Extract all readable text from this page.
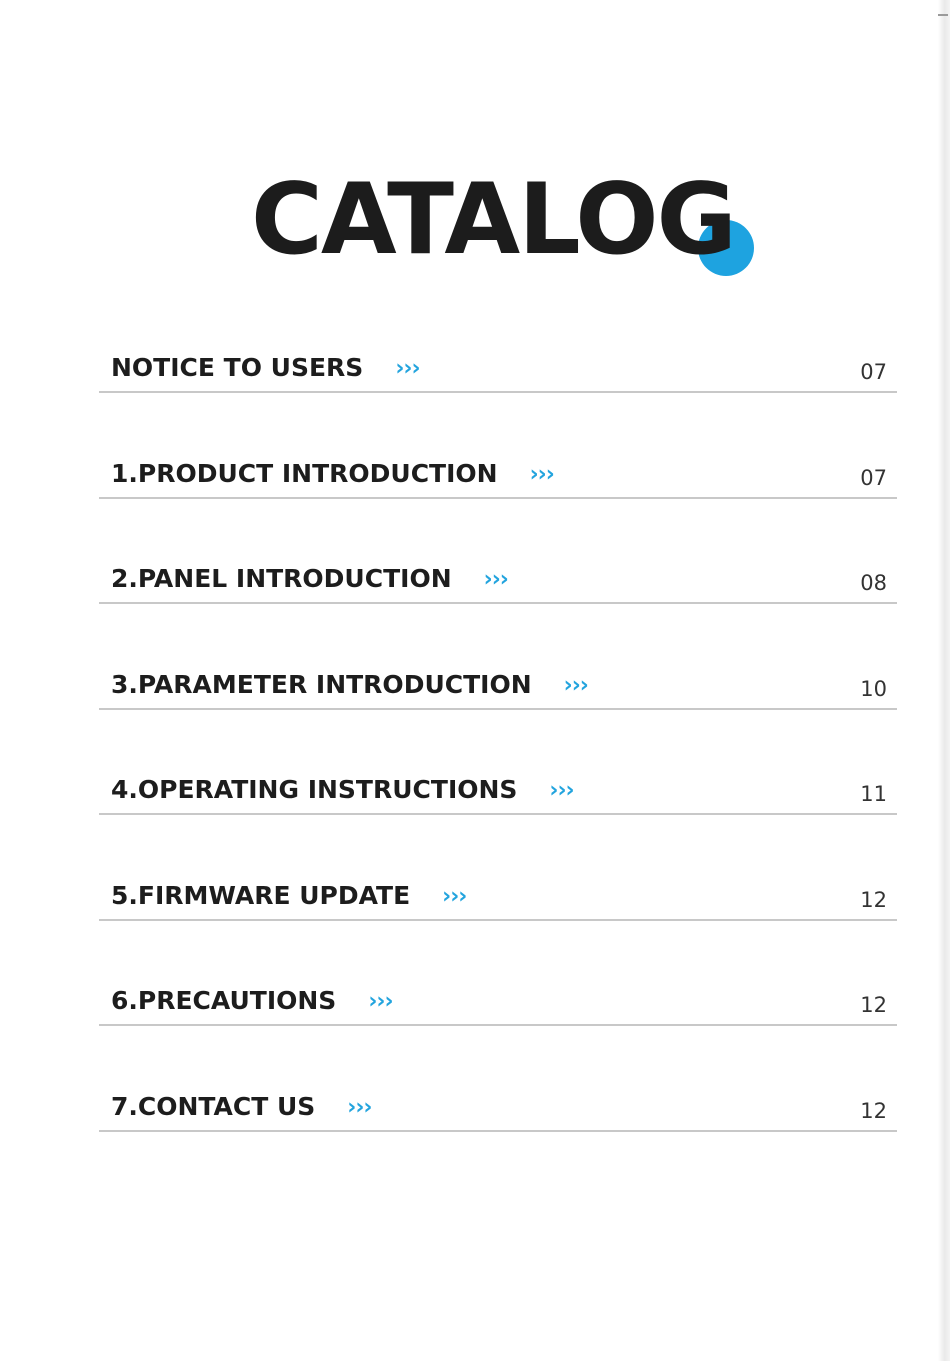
CATALOG
NOTICE TO USERS ›››	07
1.PRODUCT INTRODUCTION ›››	07
2.PANEL INTRODUCTION ›››	08
3.PARAMETER INTRODUCTION ›››	10
4.OPERATING INSTRUCTIONS ›››	11
5.FIRMWARE UPDATE ›››	12
6.PRECAUTIONS ›››	12
7.CONTACT US ›››	12
